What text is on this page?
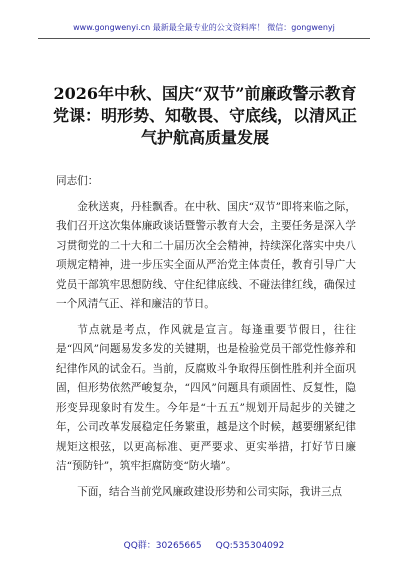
www.gongwenyi.cn 最新最全最专业的公文资料库！ 微信：gongwenyj
2026年中秋、国庆“双节”前廉政警示教育党课：明形势、知敬畏、守底线，以清风正气护航高质量发展

同志们：

金秋送爽，丹桂飘香。在中秋、国庆“双节”即将来临之际，我们召开这次集体廉政谈话暨警示教育大会，主要任务是深入学习贯彻党的二十大和二十届历次全会精神，持续深化落实中央八项规定精神，进一步压实全面从严治党主体责任，教育引导广大党员干部筑牢思想防线、守住纪律底线、不碰法律红线，确保过一个风清气正、祥和廉洁的节日。

节点就是考点，作风就是宣言。每逢重要节假日，往往是“四风”问题易发多发的关键期，也是检验党员干部党性修养和纪律作风的试金石。当前，反腐败斗争取得压倒性胜利并全面巩固，但形势依然严峻复杂，“四风”问题具有顽固性、反复性，隐形变异现象时有发生。今年是“十五五”规划开局起步的关键之年，公司改革发展稳定任务繁重，越是这个时候，越要绷紧纪律规矩这根弦，以更高标准、更严要求、更实举措，打好节日廉洁“预防针”，筑牢拒腐防变“防火墙”。

下面，结合当前党风廉政建设形势和公司实际，我讲三点

QQ群：30265665 QQ:535304092
